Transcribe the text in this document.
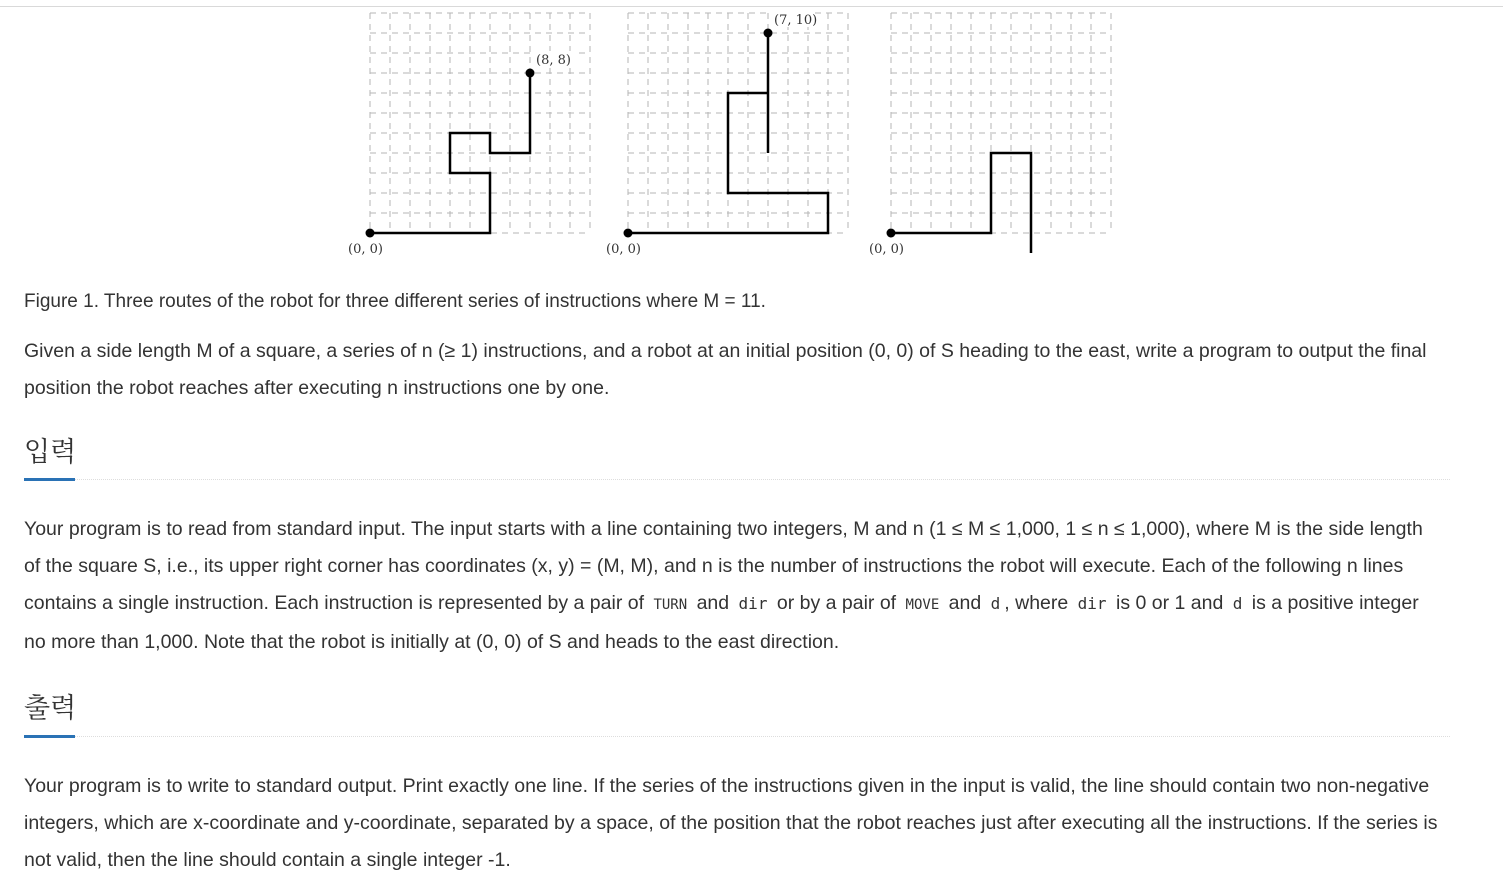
(8, 8)
(0, 0)
(7, 10)
(0, 0)	(0, 0)
Figure 1. Three routes of the robot for three different series of instructions where M = 11.
Given a side length M of a square, a series of n (≥ 1) instructions, and a robot at an initial position (0, 0) of S heading to the east, write a program to output the final position the robot reaches after executing n instructions one by one.
입력
Your program is to read from standard input. The input starts with a line containing two integers, M and n (1 ≤ M ≤ 1,000, 1 ≤ n ≤ 1,000), where M is the side length of the square S, i.e., its upper right corner has coordinates (x, y) = (M, M), and n is the number of instructions the robot will execute. Each of the following n lines contains a single instruction. Each instruction is represented by a pair of TURN and dir or by a pair of MOVE and d , where dir is 0 or 1 and d is a positive integer no more than 1,000. Note that the robot is initially at (0, 0) of S and heads to the east direction.
출력
Your program is to write to standard output. Print exactly one line. If the series of the instructions given in the input is valid, the line should contain two non-negative integers, which are x-coordinate and y-coordinate, separated by a space, of the position that the robot reaches just after executing all the instructions. If the series is not valid, then the line should contain a single integer -1.
